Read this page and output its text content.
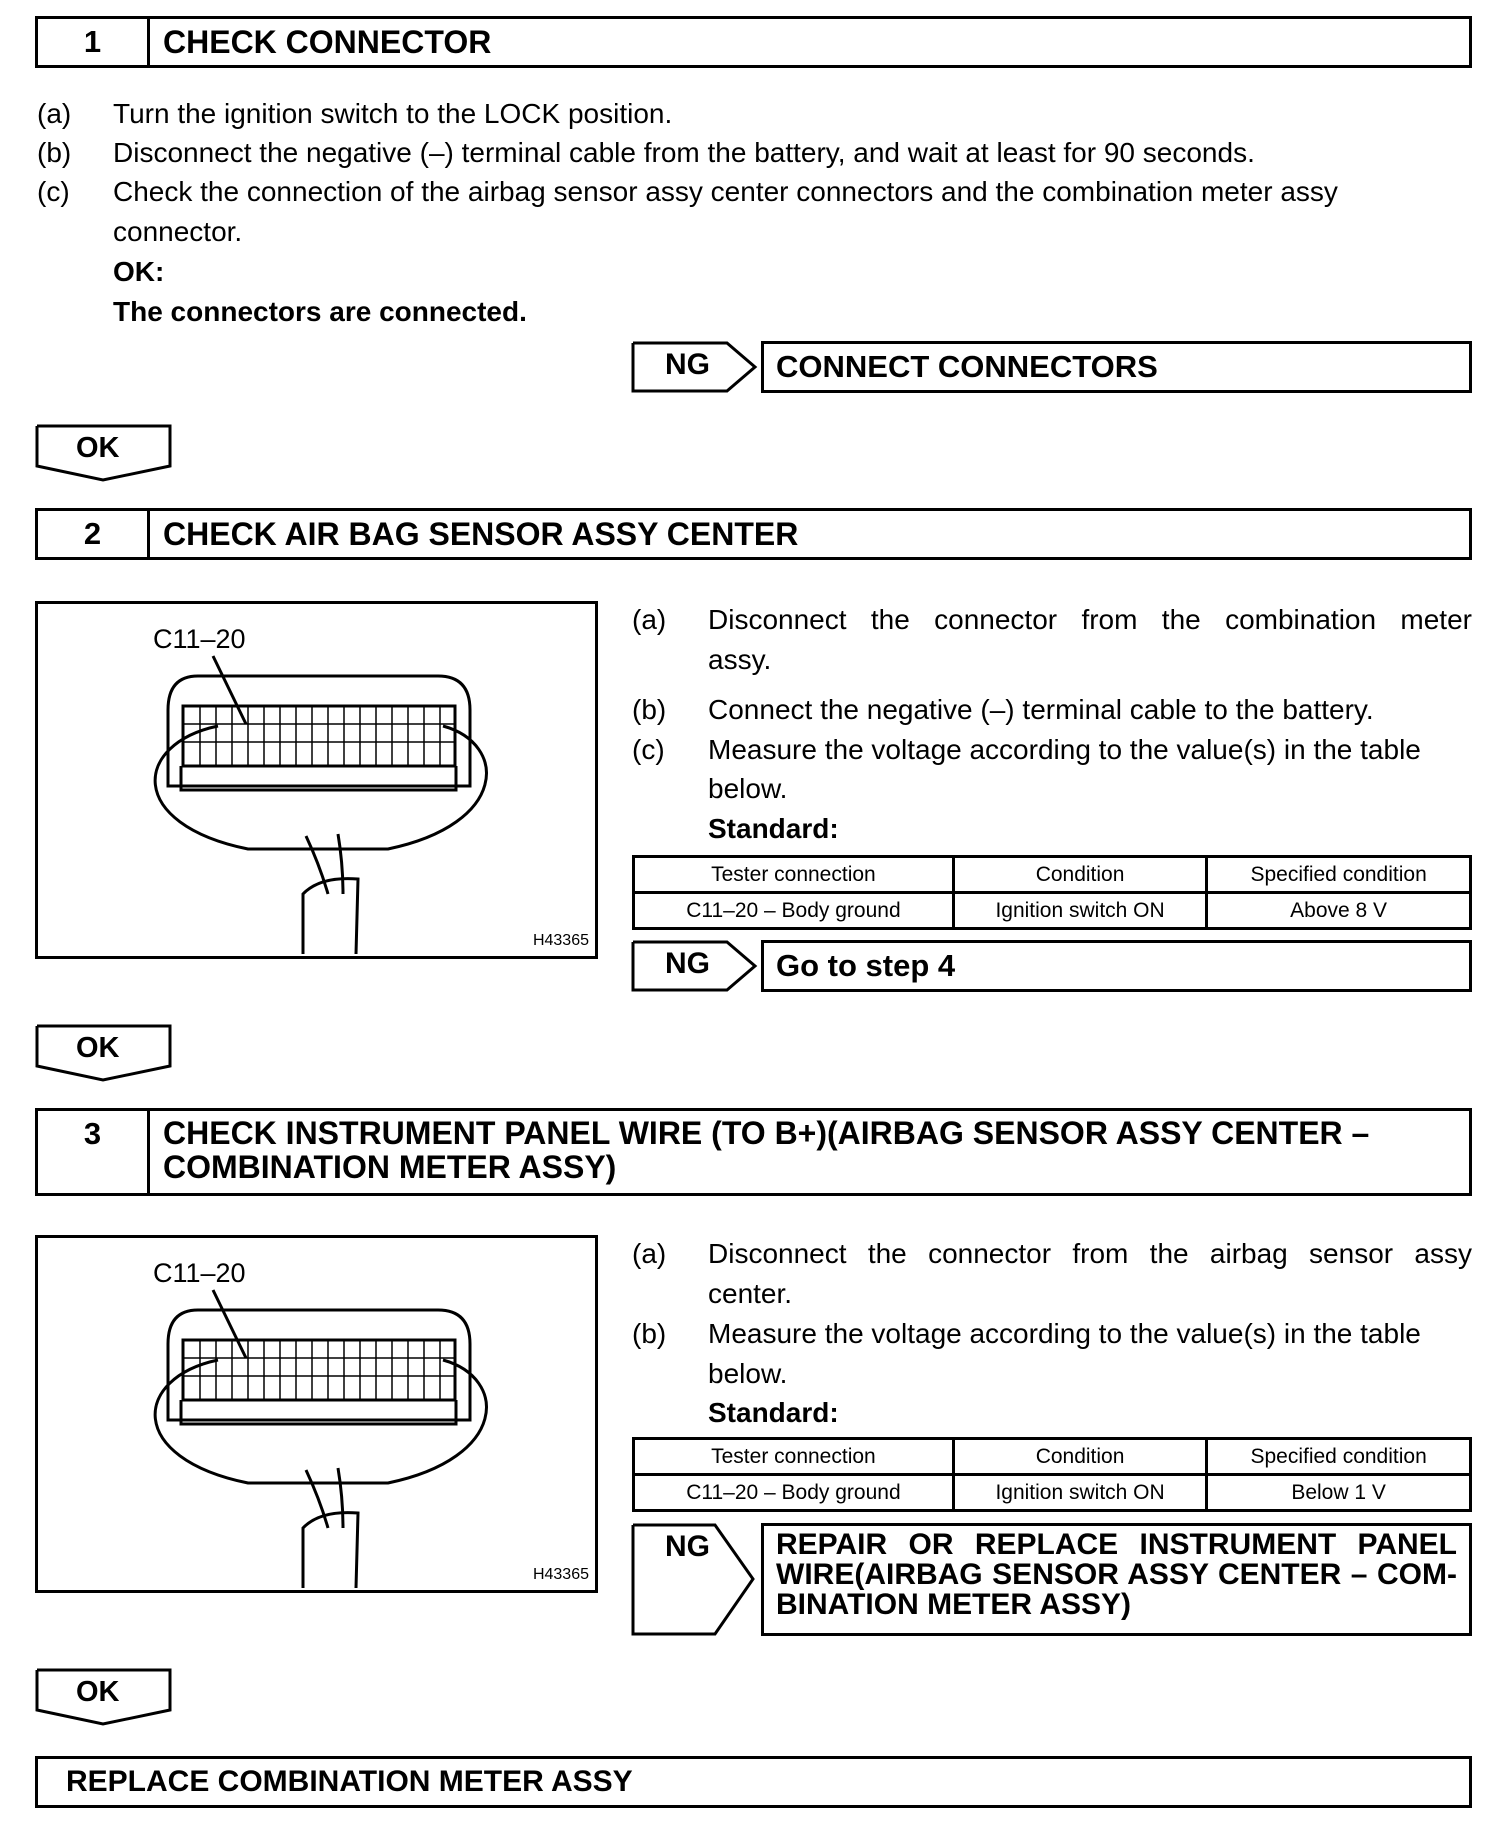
1	CHECK CONNECTOR
(a) Turn the ignition switch to the LOCK position.
(b) Disconnect the negative (–) terminal cable from the battery, and wait at least for 90 seconds.
(c) Check the connection of the airbag sensor assy center connectors and the combination meter assy
connector.
OK:
The connectors are connected.
NG	CONNECT CONNECTORS
OK
2	CHECK AIR BAG SENSOR ASSY CENTER
C11–20
H43365
(a)	Disconnect the connector from the combination meter
assy.
(b) Connect the negative (–) terminal cable to the battery.
(c) Measure the voltage according to the value(s) in the table
below.
Standard:
Tester connection	Condition	Specified condition
C11–20 – Body ground	Ignition switch ON	Above 8 V
NG	Go to step 4
OK
3	CHECK INSTRUMENT PANEL WIRE (TO B+)(AIRBAG SENSOR ASSY CENTER –
COMBINATION METER ASSY)
C11–20
H43365
(a)	Disconnect the connector from the airbag sensor assy
center.
(b) Measure the voltage according to the value(s) in the table
below.
Standard:
Tester connection	Condition	Specified condition
C11–20 – Body ground	Ignition switch ON	Below 1 V
NG REPAIR OR REPLACE INSTRUMENT PANEL
WIRE(AIRBAG SENSOR ASSY CENTER – COM-
BINATION METER ASSY)
OK
REPLACE COMBINATION METER ASSY
